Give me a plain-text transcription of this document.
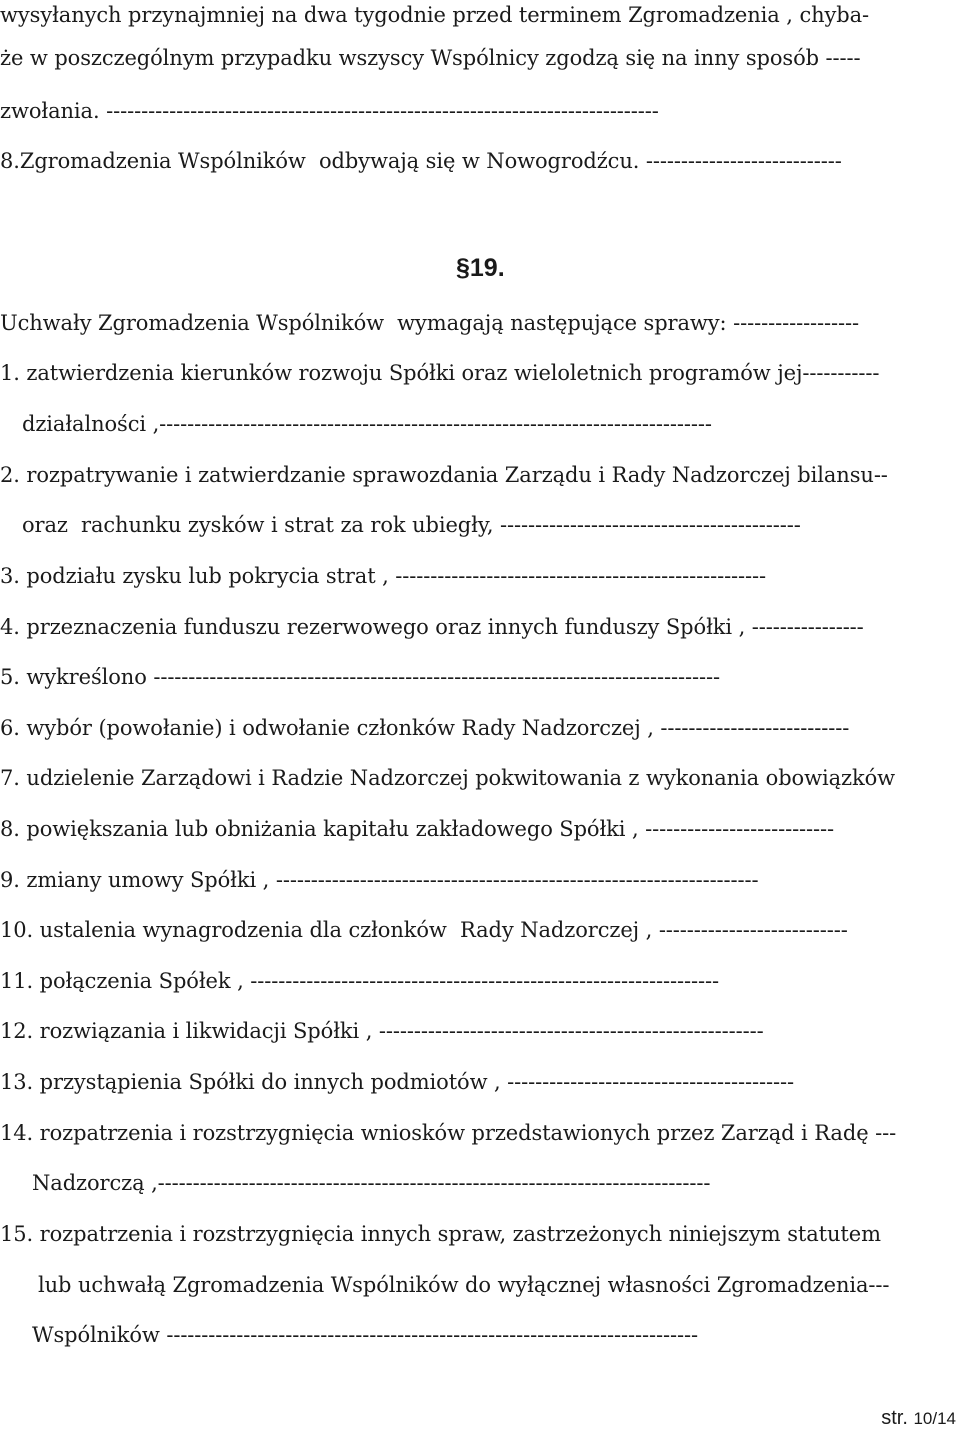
wysyłanych przynajmniej na dwa tygodnie przed terminem Zgromadzenia , chyba-
że w poszczególnym przypadku wszyscy Wspólnicy zgodzą się na inny sposób -----
zwołania. -------------------------------------------------------------------------------
8.Zgromadzenia Wspólników  odbywają się w Nowogrodźcu. ----------------------------
§19.
Uchwały Zgromadzenia Wspólników  wymagają następujące sprawy: ------------------
1. zatwierdzenia kierunków rozwoju Spółki oraz wieloletnich programów jej-----------
działalności ,-------------------------------------------------------------------------------
2. rozpatrywanie i zatwierdzanie sprawozdania Zarządu i Rady Nadzorczej bilansu--
oraz  rachunku zysków i strat za rok ubiegły, -------------------------------------------
3. podziału zysku lub pokrycia strat , -----------------------------------------------------
4. przeznaczenia funduszu rezerwowego oraz innych funduszy Spółki , ----------------
5. wykreślono ---------------------------------------------------------------------------------
6. wybór (powołanie) i odwołanie członków Rady Nadzorczej , ---------------------------
7. udzielenie Zarządowi i Radzie Nadzorczej pokwitowania z wykonania obowiązków
8. powiększania lub obniżania kapitału zakładowego Spółki , ---------------------------
9. zmiany umowy Spółki , ---------------------------------------------------------------------
10. ustalenia wynagrodzenia dla członków  Rady Nadzorczej , ---------------------------
11. połączenia Spółek , -------------------------------------------------------------------
12. rozwiązania i likwidacji Spółki , -------------------------------------------------------
13. przystąpienia Spółki do innych podmiotów , -----------------------------------------
14. rozpatrzenia i rozstrzygnięcia wniosków przedstawionych przez Zarząd i Radę ---
Nadzorczą ,-------------------------------------------------------------------------------
15. rozpatrzenia i rozstrzygnięcia innych spraw, zastrzeżonych niniejszym statutem
lub uchwałą Zgromadzenia Wspólników do wyłącznej własności Zgromadzenia---
Wspólników ----------------------------------------------------------------------------
str. 10/14
